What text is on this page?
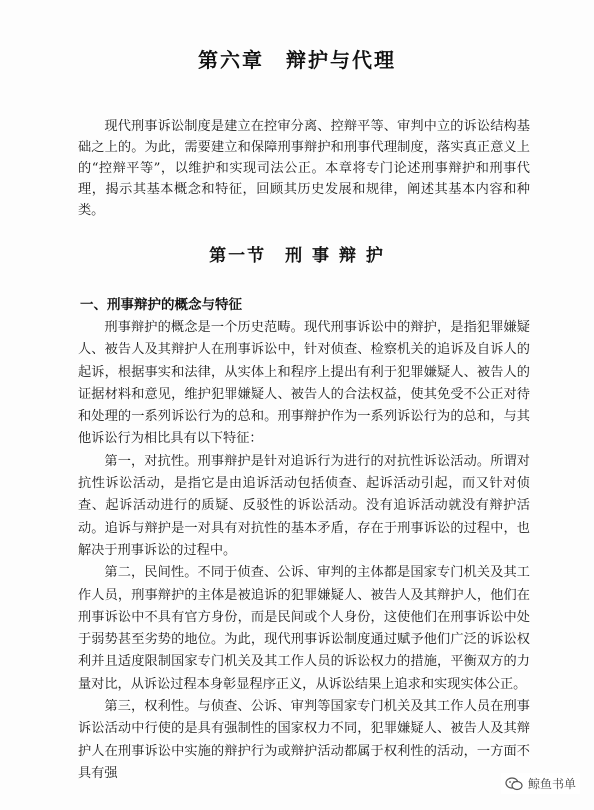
第六章　辩护与代理

现代刑事诉讼制度是建立在控审分离、控辩平等、审判中立的诉讼结构基础之上的。为此，需要建立和保障刑事辩护和刑事代理制度，落实真正意义上的“控辩平等”，以维护和实现司法公正。本章将专门论述刑事辩护和刑事代理，揭示其基本概念和特征，回顾其历史发展和规律，阐述其基本内容和种类。

第一节　刑 事 辩 护
一、刑事辩护的概念与特征

刑事辩护的概念是一个历史范畴。现代刑事诉讼中的辩护，是指犯罪嫌疑人、被告人及其辩护人在刑事诉讼中，针对侦查、检察机关的追诉及自诉人的起诉，根据事实和法律，从实体上和程序上提出有利于犯罪嫌疑人、被告人的证据材料和意见，维护犯罪嫌疑人、被告人的合法权益，使其免受不公正对待和处理的一系列诉讼行为的总和。刑事辩护作为一系列诉讼行为的总和，与其他诉讼行为相比具有以下特征：

第一，对抗性。刑事辩护是针对追诉行为进行的对抗性诉讼活动。所谓对抗性诉讼活动，是指它是由追诉活动包括侦查、起诉活动引起，而又针对侦查、起诉活动进行的质疑、反驳性的诉讼活动。没有追诉活动就没有辩护活动。追诉与辩护是一对具有对抗性的基本矛盾，存在于刑事诉讼的过程中，也解决于刑事诉讼的过程中。

第二，民间性。不同于侦查、公诉、审判的主体都是国家专门机关及其工作人员，刑事辩护的主体是被追诉的犯罪嫌疑人、被告人及其辩护人，他们在刑事诉讼中不具有官方身份，而是民间或个人身份，这使他们在刑事诉讼中处于弱势甚至劣势的地位。为此，现代刑事诉讼制度通过赋予他们广泛的诉讼权利并且适度限制国家专门机关及其工作人员的诉讼权力的措施，平衡双方的力量对比，从诉讼过程本身彰显程序正义，从诉讼结果上追求和实现实体公正。

第三，权利性。与侦查、公诉、审判等国家专门机关及其工作人员在刑事诉讼活动中行使的是具有强制性的国家权力不同，犯罪嫌疑人、被告人及其辩护人在刑事诉讼中实施的辩护行为或辩护活动都属于权利性的活动，一方面不具有强

鲸鱼书单
